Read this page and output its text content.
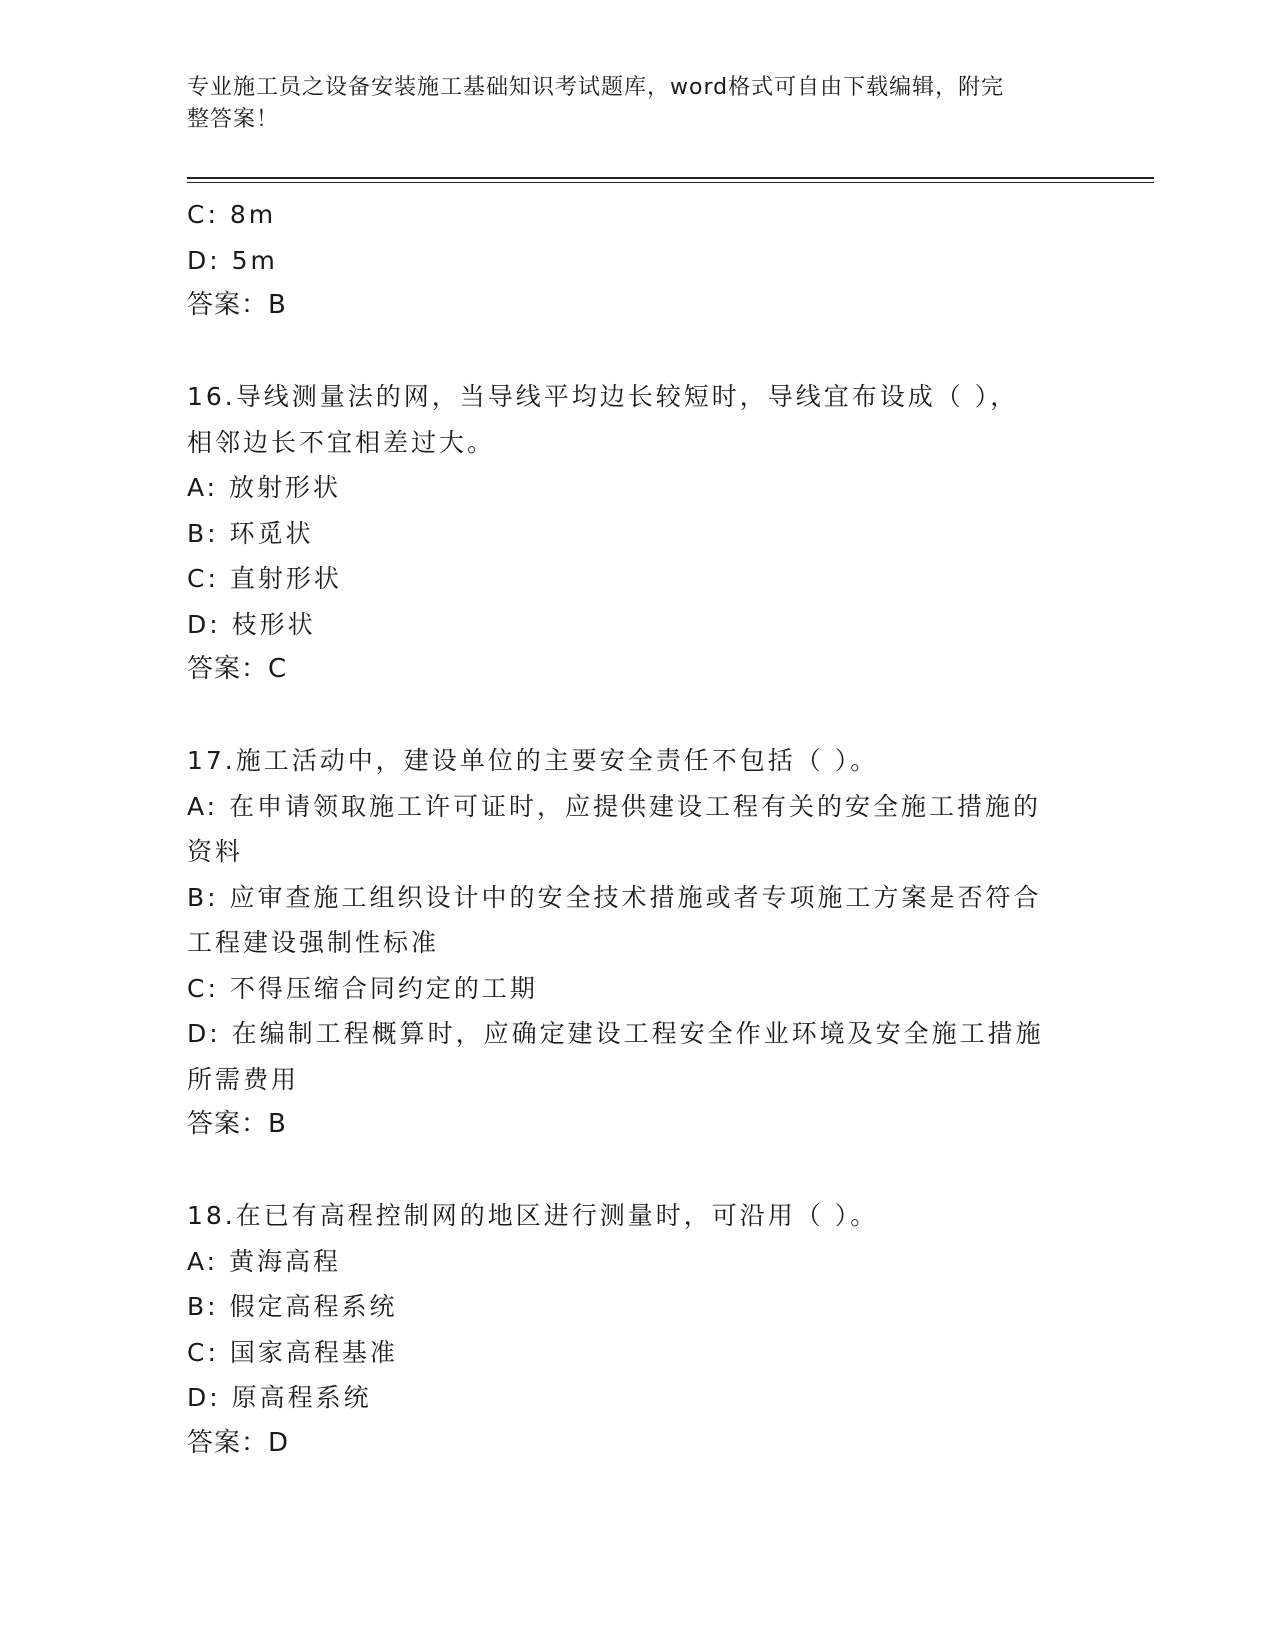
专业施工员之设备安装施工基础知识考试题库，word格式可自由下载编辑，附完
整答案！
C: 8m
D: 5m
答案：B
16.导线测量法的网，当导线平均边长较短时，导线宜布设成（ ），
相邻边长不宜相差过大。
A: 放射形状
B: 环觅状
C: 直射形状
D: 枝形状
答案：C
17.施工活动中，建设单位的主要安全责任不包括（ ）。
A: 在申请领取施工许可证时，应提供建设工程有关的安全施工措施的
资料
B: 应审查施工组织设计中的安全技术措施或者专项施工方案是否符合
工程建设强制性标准
C: 不得压缩合同约定的工期
D: 在编制工程概算时，应确定建设工程安全作业环境及安全施工措施
所需费用
答案：B
18.在已有高程控制网的地区进行测量时，可沿用（ ）。
A: 黄海高程
B: 假定高程系统
C: 国家高程基准
D: 原高程系统
答案：D
